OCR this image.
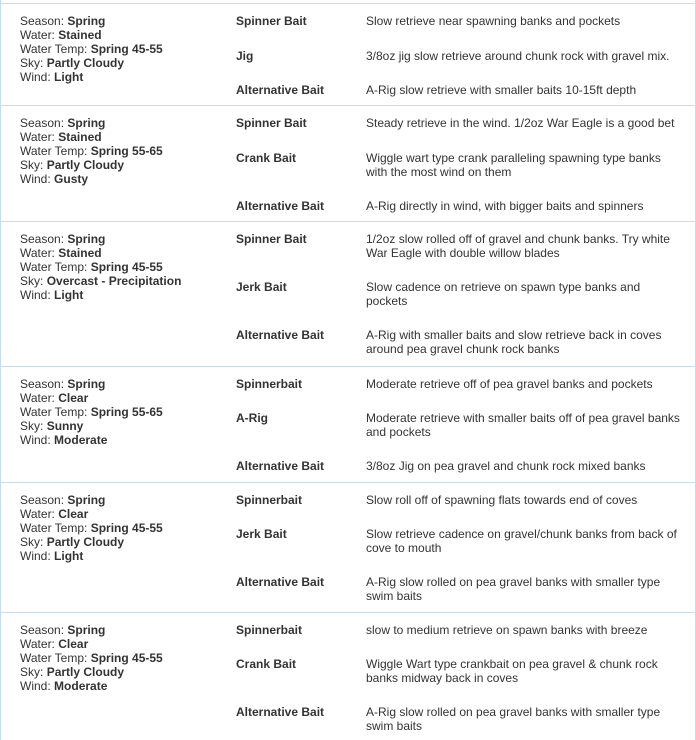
Season: Spring
Water: Stained
Water Temp: Spring 45-55
Sky: Partly Cloudy
Wind: Light
Spinner Bait	Slow retrieve near spawning banks and pockets
Jig	3/8oz jig slow retrieve around chunk rock with gravel mix.
Alternative Bait	A-Rig slow retrieve with smaller baits 10-15ft depth
Season: Spring
Water: Stained
Water Temp: Spring 55-65
Sky: Partly Cloudy
Wind: Gusty
Spinner Bait	Steady retrieve in the wind. 1/2oz War Eagle is a good bet
Crank Bait	Wiggle wart type crank paralleling spawning type banks with the most wind on them
Alternative Bait	A-Rig directly in wind, with bigger baits and spinners
Season: Spring
Water: Stained
Water Temp: Spring 45-55
Sky: Overcast - Precipitation
Wind: Light
Spinner Bait	1/2oz slow rolled off of gravel and chunk banks. Try white War Eagle with double willow blades
Jerk Bait	Slow cadence on retrieve on spawn type banks and pockets
Alternative Bait	A-Rig with smaller baits and slow retrieve back in coves around pea gravel chunk rock banks
Season: Spring
Water: Clear
Water Temp: Spring 55-65
Sky: Sunny
Wind: Moderate
Spinnerbait	Moderate retrieve off of pea gravel banks and pockets
A-Rig	Moderate retrieve with smaller baits off of pea gravel banks and pockets
Alternative Bait	3/8oz Jig on pea gravel and chunk rock mixed banks
Season: Spring
Water: Clear
Water Temp: Spring 45-55
Sky: Partly Cloudy
Wind: Light
Spinnerbait	Slow roll off of spawning flats towards end of coves
Jerk Bait	Slow retrieve cadence on gravel/chunk banks from back of cove to mouth
Alternative Bait	A-Rig slow rolled on pea gravel banks with smaller type swim baits
Season: Spring
Water: Clear
Water Temp: Spring 45-55
Sky: Partly Cloudy
Wind: Moderate
Spinnerbait	slow to medium retrieve on spawn banks with breeze
Crank Bait	Wiggle Wart type crankbait on pea gravel & chunk rock banks midway back in coves
Alternative Bait	A-Rig slow rolled on pea gravel banks with smaller type swim baits
